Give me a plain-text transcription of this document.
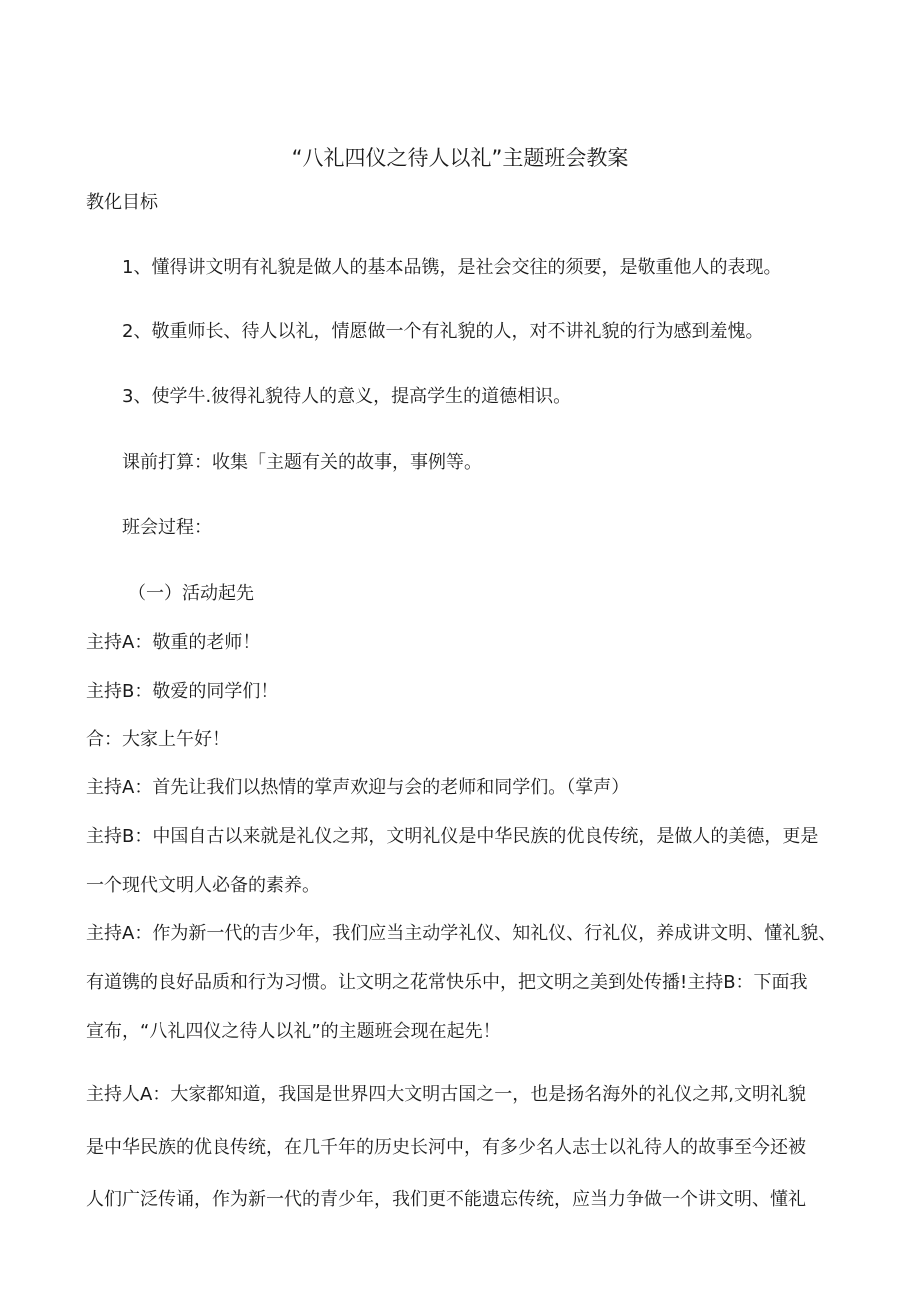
“八礼四仪之待人以礼”主题班会教案
教化目标
1、懂得讲文明有礼貌是做人的基本品镌，是社会交往的须要，是敬重他人的表现。
2、敬重师长、待人以礼，情愿做一个有礼貌的人，对不讲礼貌的行为感到羞愧。
3、使学牛.彼得礼貌待人的意义，提高学生的道德相识。
课前打算：收集「主题有关的故事，事例等。
班会过程：
（一）活动起先
主持A：敬重的老师！
主持B：敬爱的同学们！
合：大家上午好！
主持A：首先让我们以热情的掌声欢迎与会的老师和同学们。（掌声）
主持B：中国自古以来就是礼仪之邦，文明礼仪是中华民族的优良传统，是做人的美德，更是
一个现代文明人必备的素养。
主持A：作为新一代的吉少年，我们应当主动学礼仪、知礼仪、行礼仪，养成讲文明、懂礼貌、
有道镌的良好品质和行为习惯。让文明之花常快乐中，把文明之美到处传播!主持B：下面我
宣布，“八礼四仪之待人以礼”的主题班会现在起先！
主持人A：大家都知道，我国是世界四大文明古国之一，也是扬名海外的礼仪之邦,文明礼貌
是中华民族的优良传统，在几千年的历史长河中，有多少名人志士以礼待人的故事至今还被
人们广泛传诵，作为新一代的青少年，我们更不能遗忘传统，应当力争做一个讲文明、懂礼
